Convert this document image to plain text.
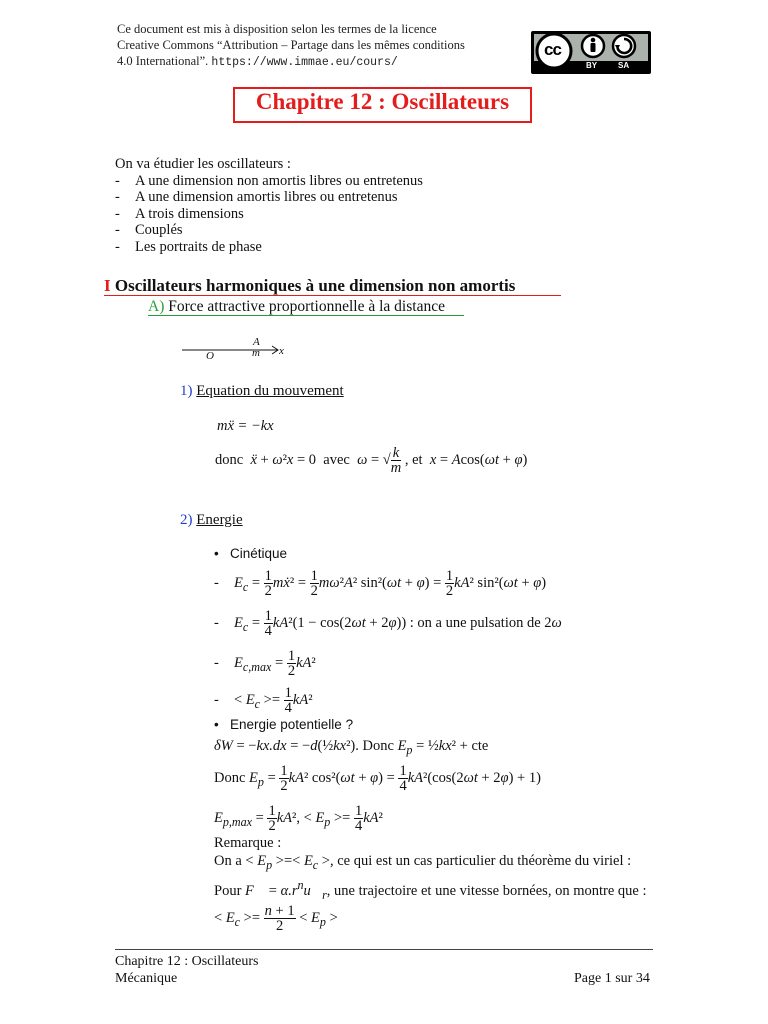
Ce document est mis à disposition selon les termes de la licence
Creative Commons “Attribution – Partage dans les mêmes conditions
4.0 International”. https://www.immae.eu/cours/
cc
BY	SA
Chapitre 12 : Oscillateurs
On va étudier les oscillateurs :
- A une dimension non amortis libres ou entretenus
- A une dimension amortis libres ou entretenus
- A trois dimensions
- Couplés
- Les portraits de phase
I Oscillateurs harmoniques à une dimension non amortis
A) Force attractive proportionnelle à la distance
A
m
O	x
1) Equation du mouvement
mẍ = −kx
donc ẍ + ω²x = 0  avec ω = √ $\frac{k}{m}$ , et x = Acos(ωt + φ)
2) Energie
•   Cinétique
- $E_c = \frac{1}{2}$ mẋ² = $\frac{1}{2} m\omega^2A^2$ $\sin^2(\omega t + \varphi) = \frac{1}{2} kA^2$ sin²(ωt + φ)
- $E_c = \frac{1}{4} kA^2(1 - \cos(2\omega t + 2\varphi))$ : on a une pulsation de 2ω
- $E_{c,max} = \frac{1}{2} kA^2$
- < $E_c >= \frac{1}{4} kA^2$
•   Energie potentielle ?
δW = −kx.dx = −d(½kx²). Donc $E_p$ = ½kx² + cte
Donc $E_p = \frac{1}{2} kA^2$ $\cos^2(\omega t + \varphi) = \frac{1}{4} kA^2(\cos(2\omega t + 2\varphi) + 1)$
$E_{p,max} = \frac{1}{2} kA^2$, < $E_p >= \frac{1}{4} kA^2$
Remarque :
On $a < E_p$ >=< $E_c$ >, ce qui est un cas particulier du théorème du viriel :
Pour F⃗ = $\alpha.r^nu⃗_r$, une trajectoire et une vitesse bornées, on montre que :
< $E_c >= \frac{n + 1}{2} < E_p$ >
Chapitre 12 : Oscillateurs
Mécanique	Page 1 sur 34
